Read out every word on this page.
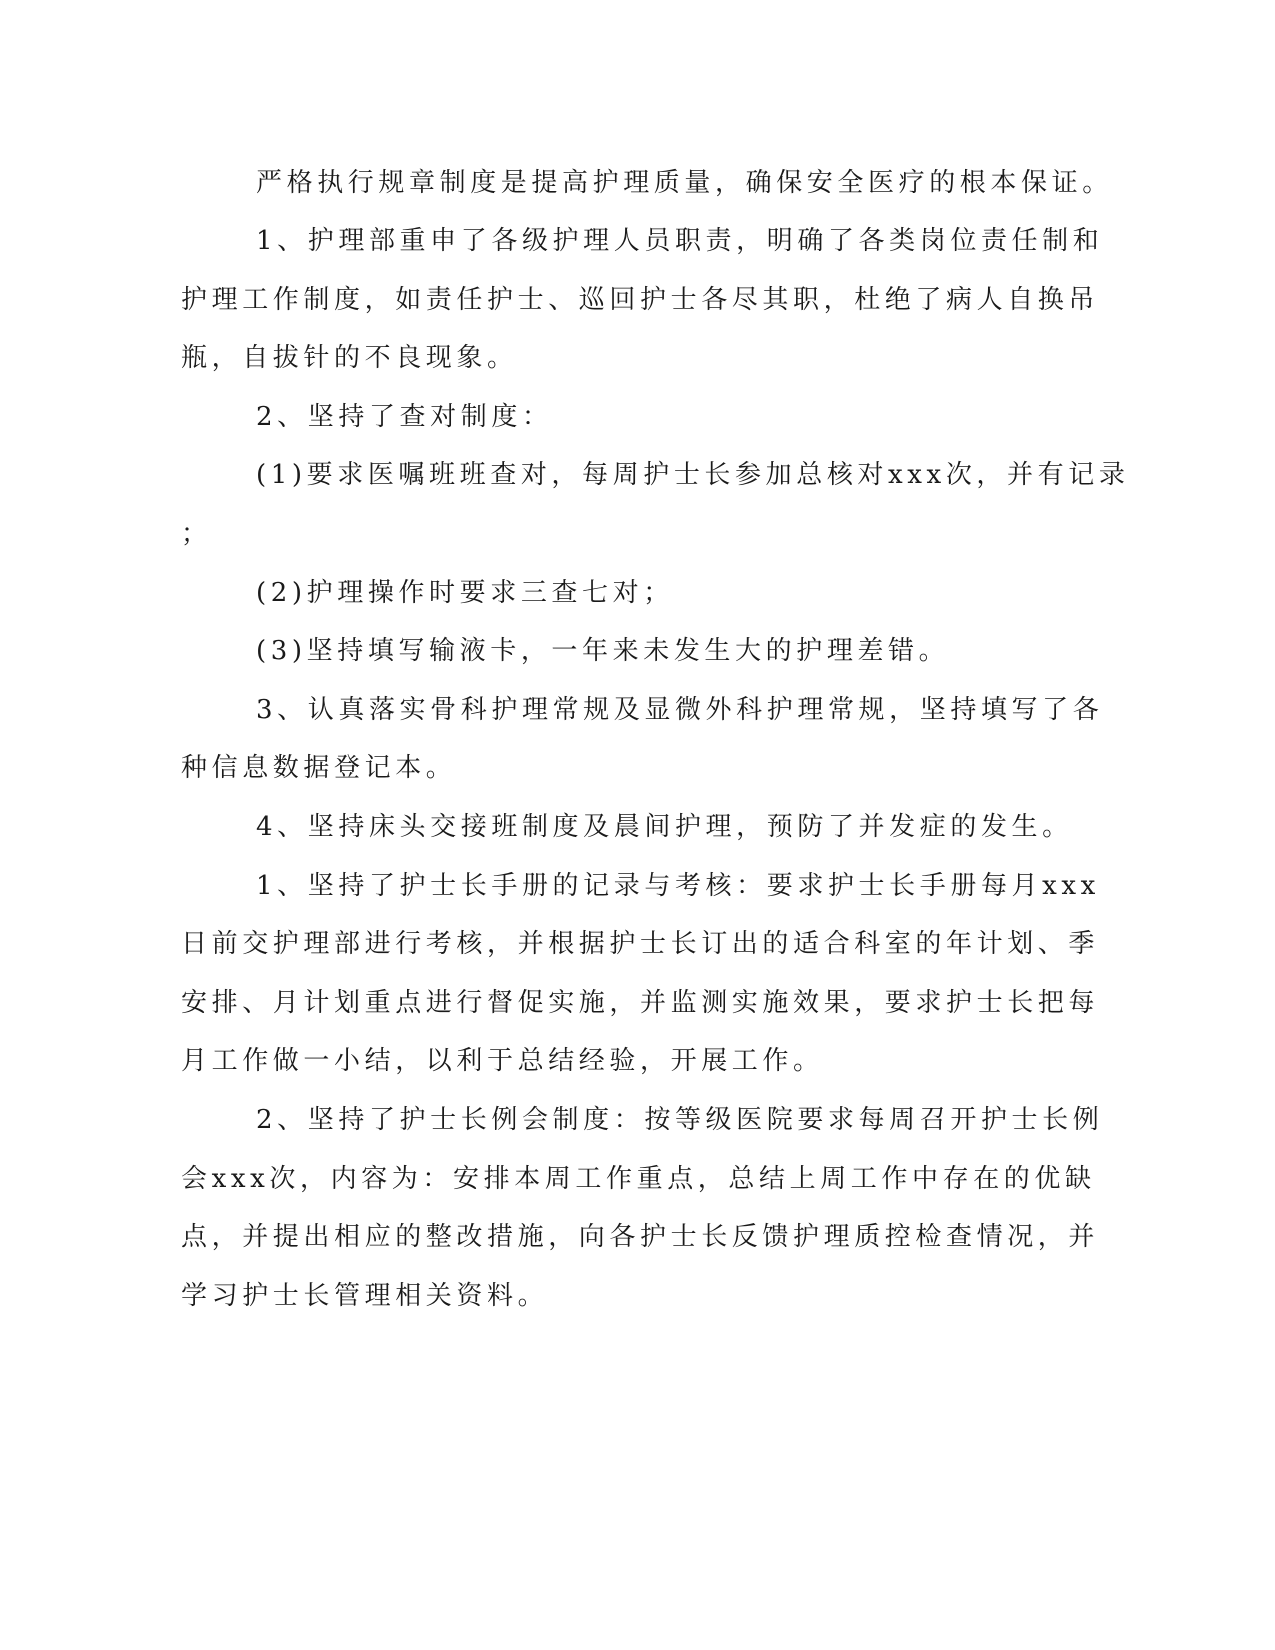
严格执行规章制度是提高护理质量，确保安全医疗的根本保证。
1、护理部重申了各级护理人员职责，明确了各类岗位责任制和
护理工作制度，如责任护士、巡回护士各尽其职，杜绝了病人自换吊
瓶，自拔针的不良现象。
2、坚持了查对制度：
(1)要求医嘱班班查对，每周护士长参加总核对xxx次，并有记录
；
(2)护理操作时要求三查七对；
(3)坚持填写输液卡，一年来未发生大的护理差错。
3、认真落实骨科护理常规及显微外科护理常规，坚持填写了各
种信息数据登记本。
4、坚持床头交接班制度及晨间护理，预防了并发症的发生。
1、坚持了护士长手册的记录与考核：要求护士长手册每月xxx
日前交护理部进行考核，并根据护士长订出的适合科室的年计划、季
安排、月计划重点进行督促实施，并监测实施效果，要求护士长把每
月工作做一小结，以利于总结经验，开展工作。
2、坚持了护士长例会制度：按等级医院要求每周召开护士长例
会xxx次，内容为：安排本周工作重点，总结上周工作中存在的优缺
点，并提出相应的整改措施，向各护士长反馈护理质控检查情况，并
学习护士长管理相关资料。
